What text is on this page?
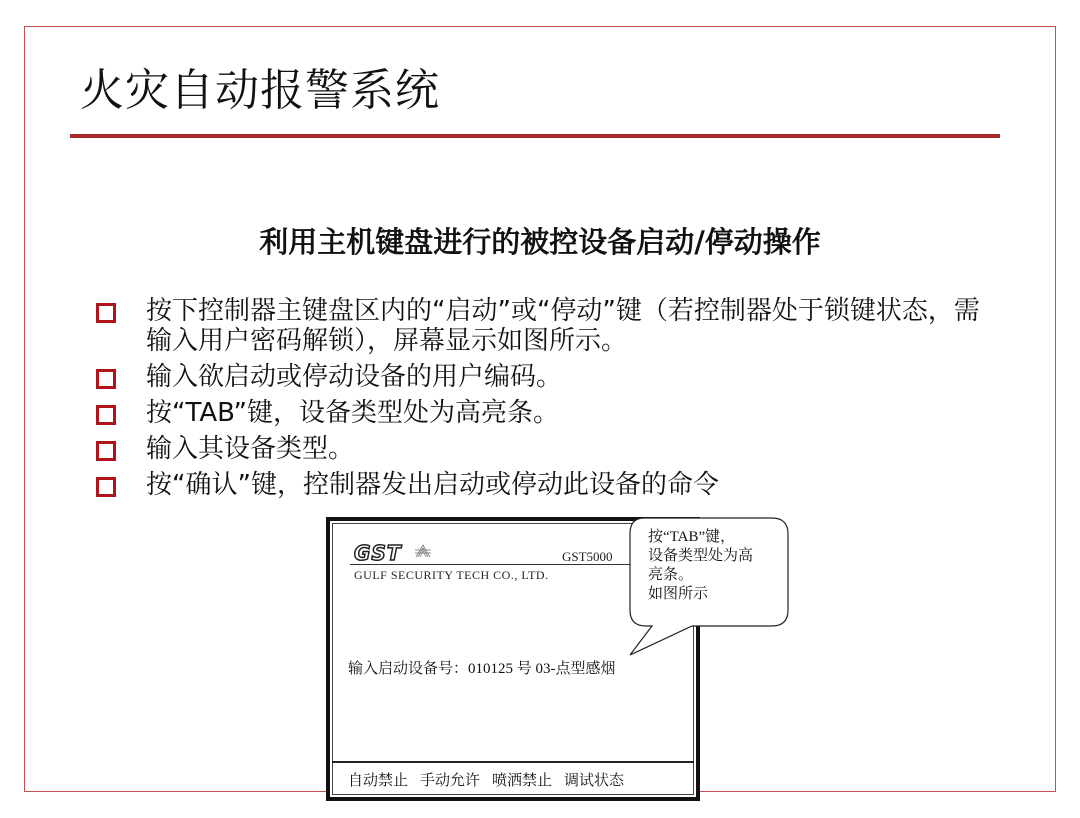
火灾自动报警系统
利用主机键盘进行的被控设备启动/停动操作
按下控制器主键盘区内的“启动”或“停动”键（若控制器处于锁键状态，需输入用户密码解锁），屏幕显示如图所示。
输入欲启动或停动设备的用户编码。
按“TAB”键，设备类型处为高亮条。
输入其设备类型。
按“确认”键，控制器发出启动或停动此设备的命令
GST	GST5000
GULF SECURITY TECH CO., LTD.
输入启动设备号：010125 号 03-点型感烟
自动禁止 手动允许 喷洒禁止 调试状态
按“TAB”键，
设备类型处为高
亮条。
如图所示
